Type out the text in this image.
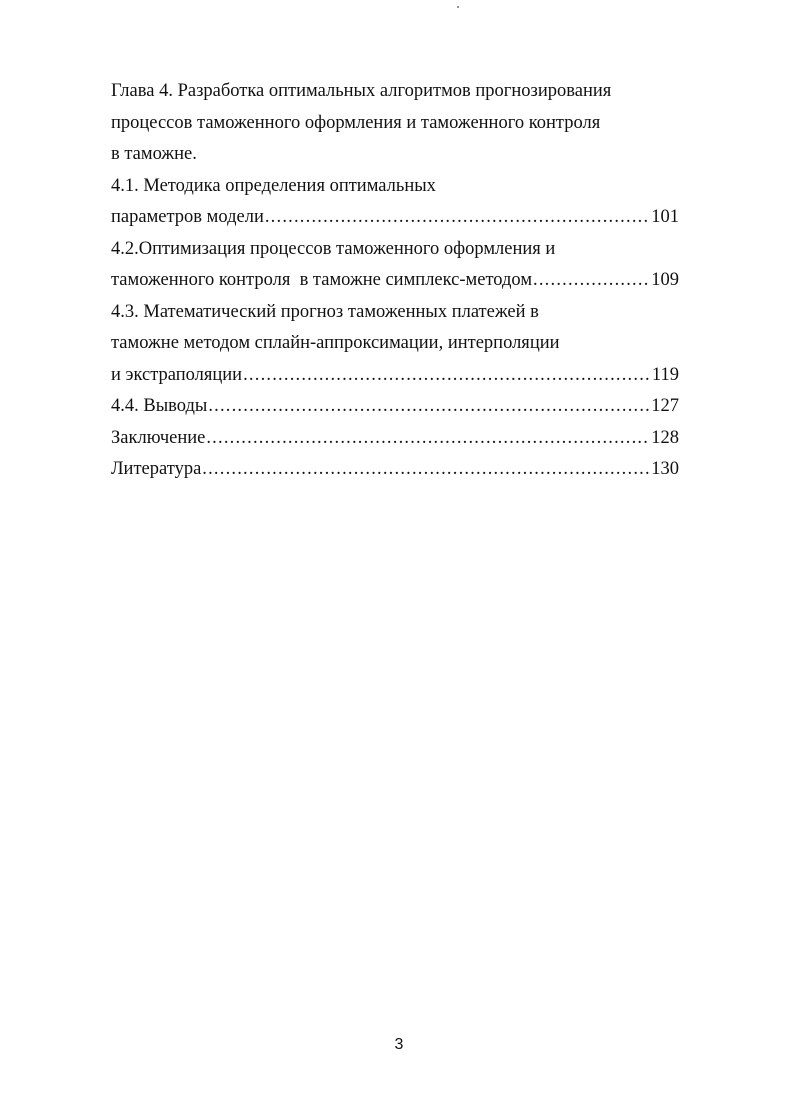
Глава 4. Разработка оптимальных алгоритмов прогнозирования
процессов таможенного оформления и таможенного контроля
в таможне.
4.1. Методика определения оптимальных
параметров модели .....	101
4.2.Оптимизация процессов таможенного оформления и
таможенного контроля  в таможне симплекс-методом .....	109
4.3. Математический прогноз таможенных платежей в
таможне методом сплайн-аппроксимации, интерполяции
и экстраполяции .....	119
4.4. Выводы .....	127
Заключение .....	128
Литература .....	130
3
